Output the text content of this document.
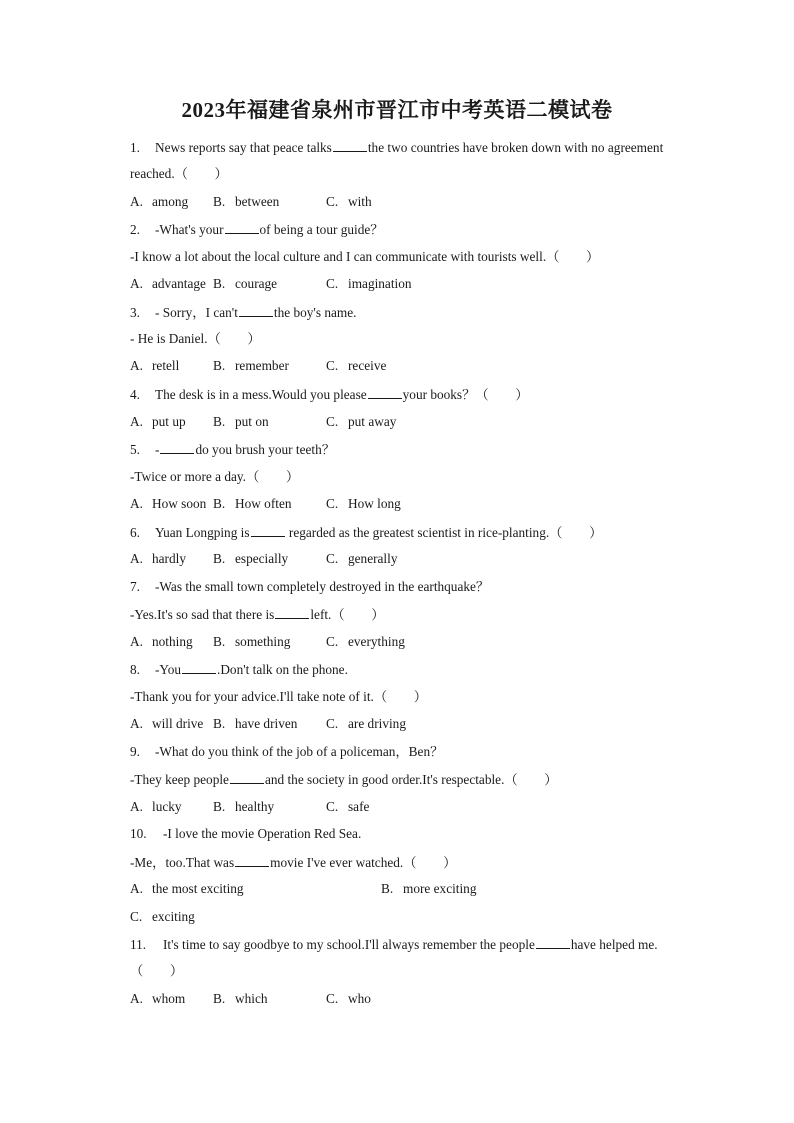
2023年福建省泉州市晋江市中考英语二模试卷
1. News reports say that peace talks	the two countries have broken down with no agreement
reached.（　　）
A. among B. between	C. with
2. -What's your	of being a tour guide？
-I know a lot about the local culture and I can communicate with tourists well.（　　）
A. advantage B. courage	C. imagination
3. - Sorry，I can't	the boy's name.
- He is Daniel.（　　）
A. retell	B. remember	C. receive
4. The desk is in a mess.Would you please	your books？（　　）
A. put up B. put on	C. put away
5. -	do you brush your teeth？
-Twice or more a day.（　　）
A. How soon B. How often	C. How long
6. Yuan Longping is	regarded as the greatest scientist in rice-planting.（　　）
A. hardly B. especially	C. generally
7. -Was the small town completely destroyed in the earthquake？
-Yes.It's so sad that there is	left.（　　）
A. nothing B. something	C. everything
8. -You	.Don't talk on the phone.
-Thank you for your advice.I'll take note of it.（　　）
A. will drive B. have driven C. are driving
9. -What do you think of the job of a policeman，Ben？
-They keep people	and the society in good order.It's respectable.（　　）
A. lucky B. healthy	C. safe
10. -I love the movie Operation Red Sea.
-Me，too.That was	movie I've ever watched.（　　）
A. the most exciting	B. more exciting
C. exciting
11. It's time to say goodbye to my school.I'll always remember the people	have helped me.
（　　）
A. whom B. which	C. who
